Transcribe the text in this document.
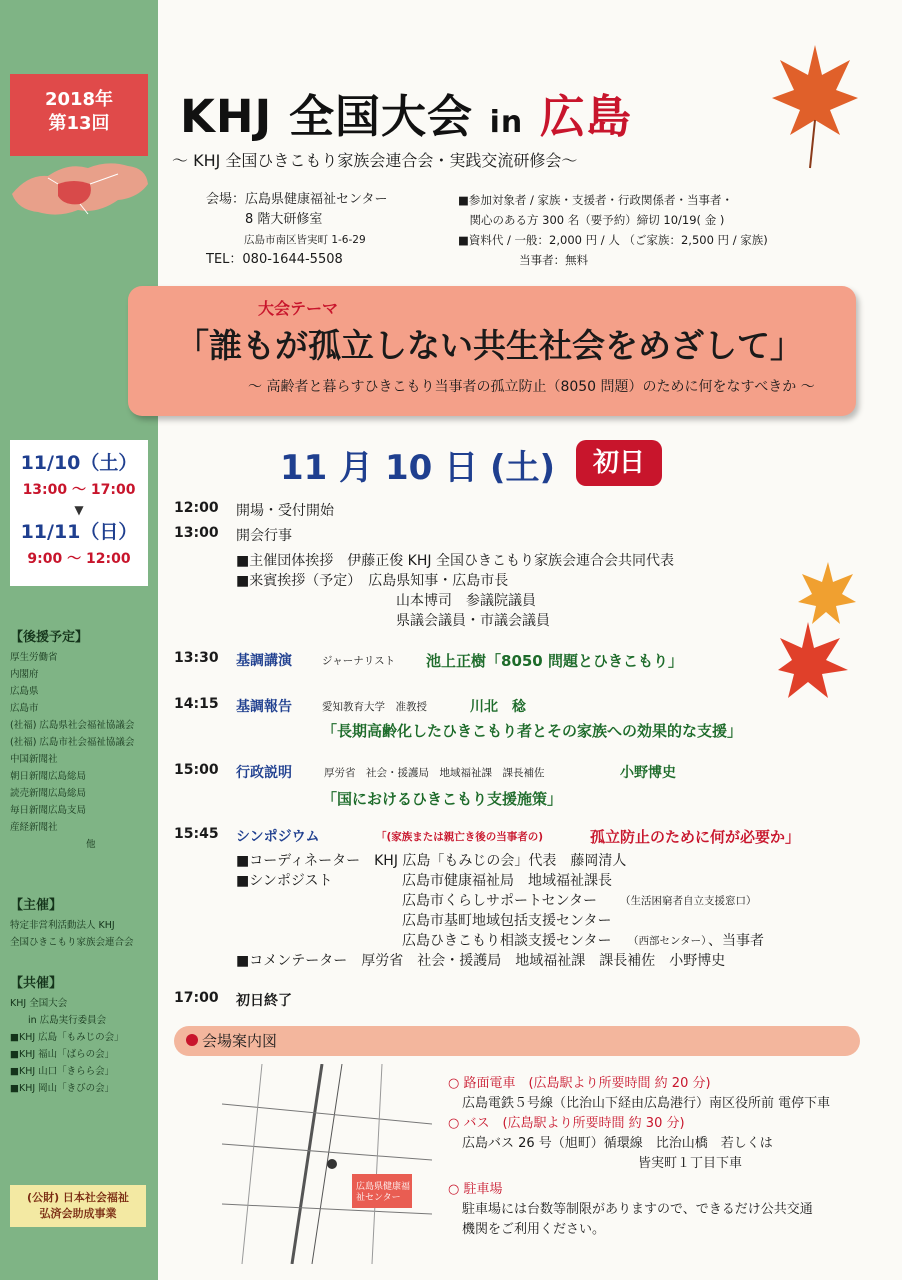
2018年
第13回
11/10（土）
13:00 ～ 17:00
▼
11/11（日）
9:00 ～ 12:00
【後援予定】
厚生労働省
内閣府
広島県
広島市
(社福) 広島県社会福祉協議会
(社福) 広島市社会福祉協議会
中国新聞社
朝日新聞広島総局
読売新聞広島総局
毎日新聞広島支局
産経新聞社
他
【主催】
特定非営利活動法人 KHJ
全国ひきこもり家族会連合会
【共催】
KHJ 全国大会
in 広島実行委員会
■KHJ 広島「もみじの会」
■KHJ 福山「ばらの会」
■KHJ 山口「きらら会」
■KHJ 岡山「きびの会」
(公財) 日本社会福祉
弘済会助成事業
KHJ 全国大会 in 広島
～ KHJ 全国ひきこもり家族会連合会・実践交流研修会～
会場：広島県健康福祉センター
　　　8 階大研修室
広島市南区皆実町 1-6-29
TEL：080-1644-5508
■参加対象者 / 家族・支援者・行政関係者・当事者・
　関心のある方 300 名（要予約）締切 10/19( 金 )
■資料代 / 一般：2,000 円 / 人 （ご家族：2,500 円 / 家族)
　　　　　 当事者：無料
大会テーマ
「誰もが孤立しない共生社会をめざして」
～ 高齢者と暮らすひきこもり当事者の孤立防止（8050 問題）のために何をなすべきか ～
11 月 10 日 (土)	初日
12:00	開場・受付開始
13:00	開会行事
■主催団体挨拶　伊藤正俊 KHJ 全国ひきこもり家族会連合会共同代表
■来賓挨拶（予定）　広島県知事・広島市長
山本博司　参議院議員
県議会議員・市議会議員
13:30	基調講演	ジャーナリスト 池上正樹「8050 問題とひきこもり」
14:15	基調報告	愛知教育大学　准教授	川北　稔
「長期高齢化したひきこもり者とその家族への効果的な支援」
15:00	行政説明	厚労省　社会・援護局　地域福祉課　課長補佐	小野博史
「国におけるひきこもり支援施策」
15:45	シンポジウム	「(家族または親亡き後の当事者の)	孤立防止のために何が必要か」
■コーディネーター　KHJ 広島「もみじの会」代表　藤岡清人
■シンポジスト	広島市健康福祉局　地域福祉課長
広島市くらしサポートセンター （生活困窮者自立支援窓口）
広島市基町地域包括支援センター
広島ひきこもり相談支援センター （西部センター）
、当事者
■コメンテーター　厚労省　社会・援護局　地域福祉課　課長補佐　小野博史
17:00	初日終了
会場案内図
広島県健康福祉センター
○ 路面電車　(広島駅より所要時間 約 20 分)
広島電鉄５号線（比治山下経由広島港行）南区役所前 電停下車
○ バス　(広島駅より所要時間 約 30 分)
広島バス 26 号（旭町）循環線　比治山橋　若しくは
皆実町１丁目下車
○ 駐車場
駐車場には台数等制限がありますので、できるだけ公共交通
機関をご利用ください。
